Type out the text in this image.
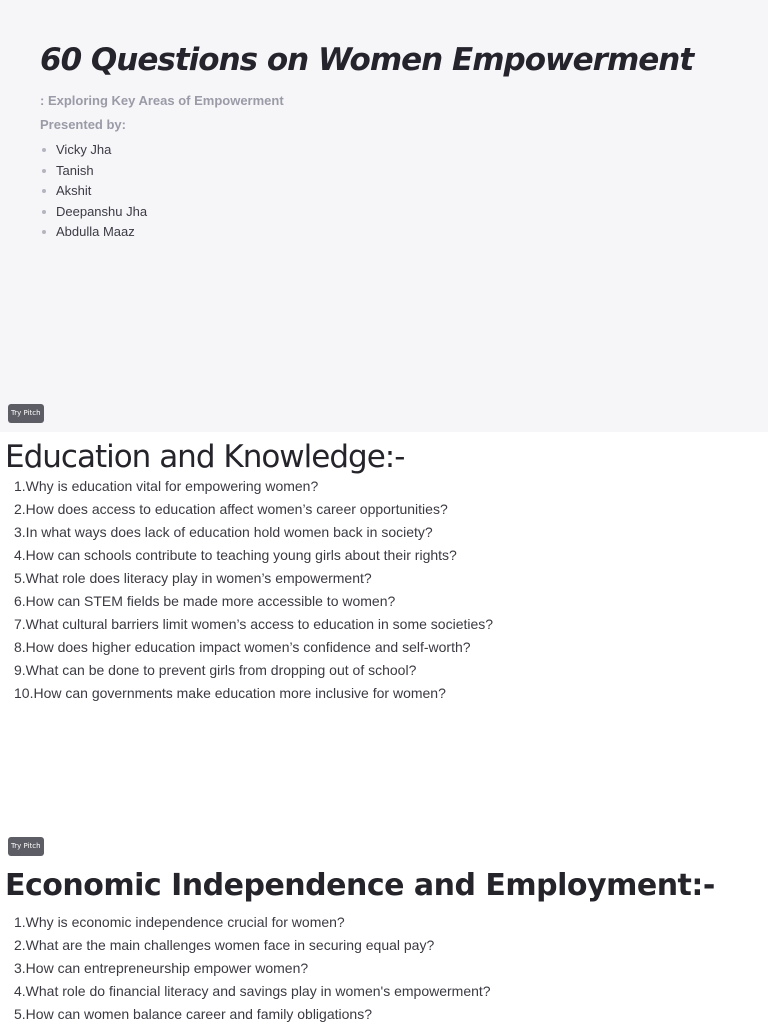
60 Questions on Women Empowerment
: Exploring Key Areas of Empowerment
Presented by:
Vicky Jha
Tanish
Akshit
Deepanshu Jha
Abdulla Maaz
Try Pitch
Education and Knowledge:-
1.Why is education vital for empowering women?
2.How does access to education affect women’s career opportunities?
3.In what ways does lack of education hold women back in society?
4.How can schools contribute to teaching young girls about their rights?
5.What role does literacy play in women’s empowerment?
6.How can STEM fields be made more accessible to women?
7.What cultural barriers limit women’s access to education in some societies?
8.How does higher education impact women’s confidence and self-worth?
9.What can be done to prevent girls from dropping out of school?
10.How can governments make education more inclusive for women?
Try Pitch
Economic Independence and Employment:-
1.Why is economic independence crucial for women?
2.What are the main challenges women face in securing equal pay?
3.How can entrepreneurship empower women?
4.What role do financial literacy and savings play in women's empowerment?
5.How can women balance career and family obligations?
